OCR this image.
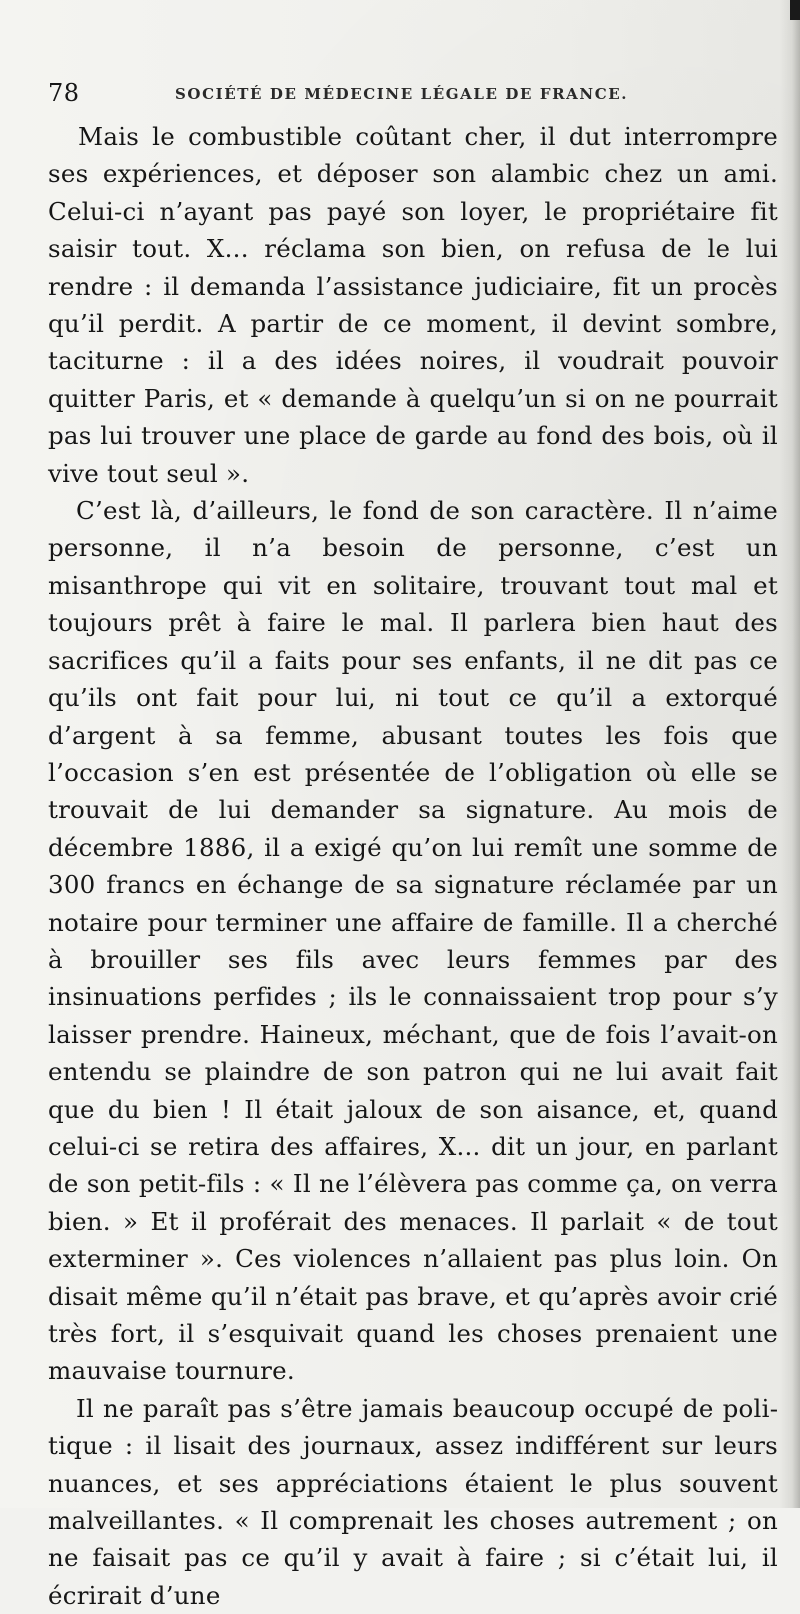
78	SOCIÉTÉ DE MÉDECINE LÉGALE DE FRANCE.

Mais le combustible coûtant cher, il dut interrompre ses expériences, et déposer son alambic chez un ami. Celui-ci n’ayant pas payé son loyer, le propriétaire fit saisir tout. X... réclama son bien, on refusa de le lui rendre : il demanda l’assistance judiciaire, fit un procès qu’il perdit. A partir de ce moment, il devint sombre, taciturne : il a des idées noires, il voudrait pouvoir quitter Paris, et « demande à quelqu’un si on ne pourrait pas lui trouver une place de garde au fond des bois, où il vive tout seul ».

C’est là, d’ailleurs, le fond de son caractère. Il n’aime personne, il n’a besoin de personne, c’est un misanthrope qui vit en solitaire, trouvant tout mal et toujours prêt à faire le mal. Il parlera bien haut des sacrifices qu’il a faits pour ses enfants, il ne dit pas ce qu’ils ont fait pour lui, ni tout ce qu’il a extorqué d’argent à sa femme, abusant toutes les fois que l’occasion s’en est présentée de l’obligation où elle se trouvait de lui demander sa signature. Au mois de décembre 1886, il a exigé qu’on lui remît une somme de 300 francs en échange de sa signature réclamée par un notaire pour terminer une affaire de famille. Il a cherché à brouiller ses fils avec leurs femmes par des insinuations perfides ; ils le connaissaient trop pour s’y laisser prendre. Haineux, méchant, que de fois l’avait-on entendu se plaindre de son patron qui ne lui avait fait que du bien ! Il était jaloux de son aisance, et, quand celui-ci se retira des affaires, X... dit un jour, en parlant de son petit-fils : « Il ne l’élèvera pas comme ça, on verra bien. » Et il proférait des menaces. Il parlait « de tout exterminer ». Ces violences n’allaient pas plus loin. On disait même qu’il n’était pas brave, et qu’après avoir crié très fort, il s’esquivait quand les choses prenaient une mauvaise tournure.

Il ne paraît pas s’être jamais beaucoup occupé de politique : il lisait des journaux, assez indifférent sur leurs nuances, et ses appréciations étaient le plus souvent malveillantes. « Il comprenait les choses autrement ; on ne faisait pas ce qu’il y avait à faire ; si c’était lui, il écrirait d’une
